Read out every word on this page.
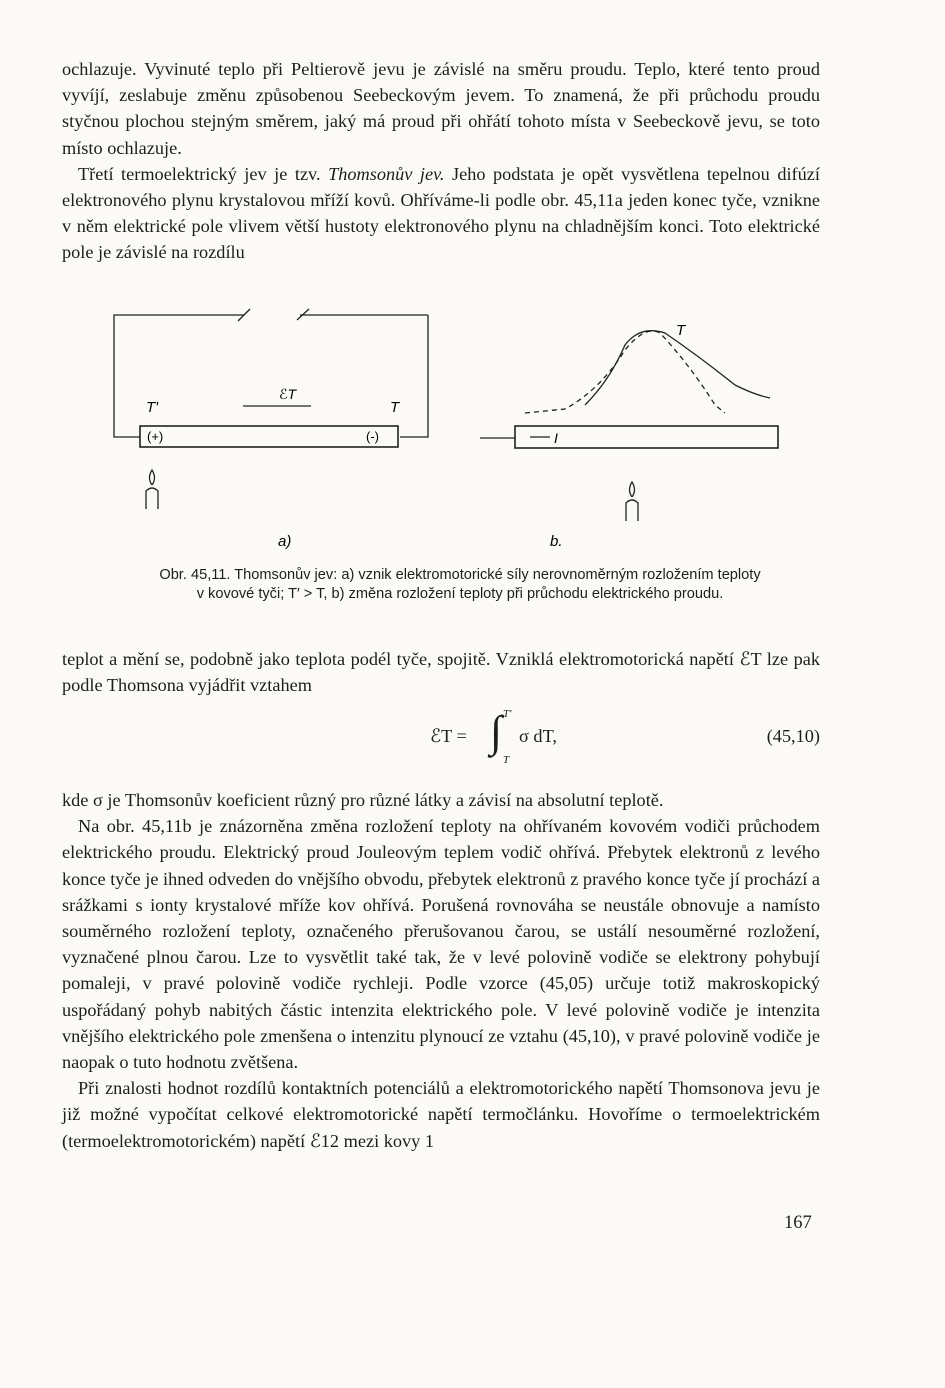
ochlazuje. Vyvinuté teplo při Peltierově jevu je závislé na směru proudu. Teplo, které tento proud vyvíjí, zeslabuje změnu způsobenou Seebeckovým jevem. To znamená, že při průchodu proudu styčnou plochou stejným směrem, jaký má proud při ohřátí tohoto místa v Seebeckově jevu, se toto místo ochlazuje.

Třetí termoelektrický jev je tzv. Thomsonův jev. Jeho podstata je opět vysvětlena tepelnou difúzí elektronového plynu krystalovou mříží kovů. Ohříváme-li podle obr. 45,11a jeden konec tyče, vznikne v něm elektrické pole vlivem větší hustoty elektronového plynu na chladnějším konci. Toto elektrické pole je závislé na rozdílu

T'	T
ℰT
(+)	(-)
a)
T
I
b.
Obr. 45,11. Thomsonův jev: a) vznik elektromotorické síly nerovnoměrným rozložením teploty
v kovové tyči; T′ > T, b) změna rozložení teploty při průchodu elektrického proudu.

teplot a mění se, podobně jako teplota podél tyče, spojitě. Vzniklá elektromotorická napětí ℰT lze pak podle Thomsona vyjádřit vztahem

ℰT = ∫ T′
T
σ dT,	(45,10)

kde σ je Thomsonův koeficient různý pro různé látky a závisí na absolutní teplotě.

Na obr. 45,11b je znázorněna změna rozložení teploty na ohřívaném kovovém vodiči průchodem elektrického proudu. Elektrický proud Jouleovým teplem vodič ohřívá. Přebytek elektronů z levého konce tyče je ihned odveden do vnějšího obvodu, přebytek elektronů z pravého konce tyče jí prochází a srážkami s ionty krystalové mříže kov ohřívá. Porušená rovnováha se neustále obnovuje a namísto souměrného rozložení teploty, označeného přerušovanou čarou, se ustálí nesouměrné rozložení, vyznačené plnou čarou. Lze to vysvětlit také tak, že v levé polovině vodiče se elektrony pohybují pomaleji, v pravé polovině vodiče rychleji. Podle vzorce (45,05) určuje totiž makroskopický uspořádaný pohyb nabitých částic intenzita elektrického pole. V levé polovině vodiče je intenzita vnějšího elektrického pole zmenšena o intenzitu plynoucí ze vztahu (45,10), v pravé polovině vodiče je naopak o tuto hodnotu zvětšena.

Při znalosti hodnot rozdílů kontaktních potenciálů a elektromotorického napětí Thomsonova jevu je již možné vypočítat celkové elektromotorické napětí termočlánku. Hovoříme o termoelektrickém (termoelektromotorickém) napětí ℰ12 mezi kovy 1

167
